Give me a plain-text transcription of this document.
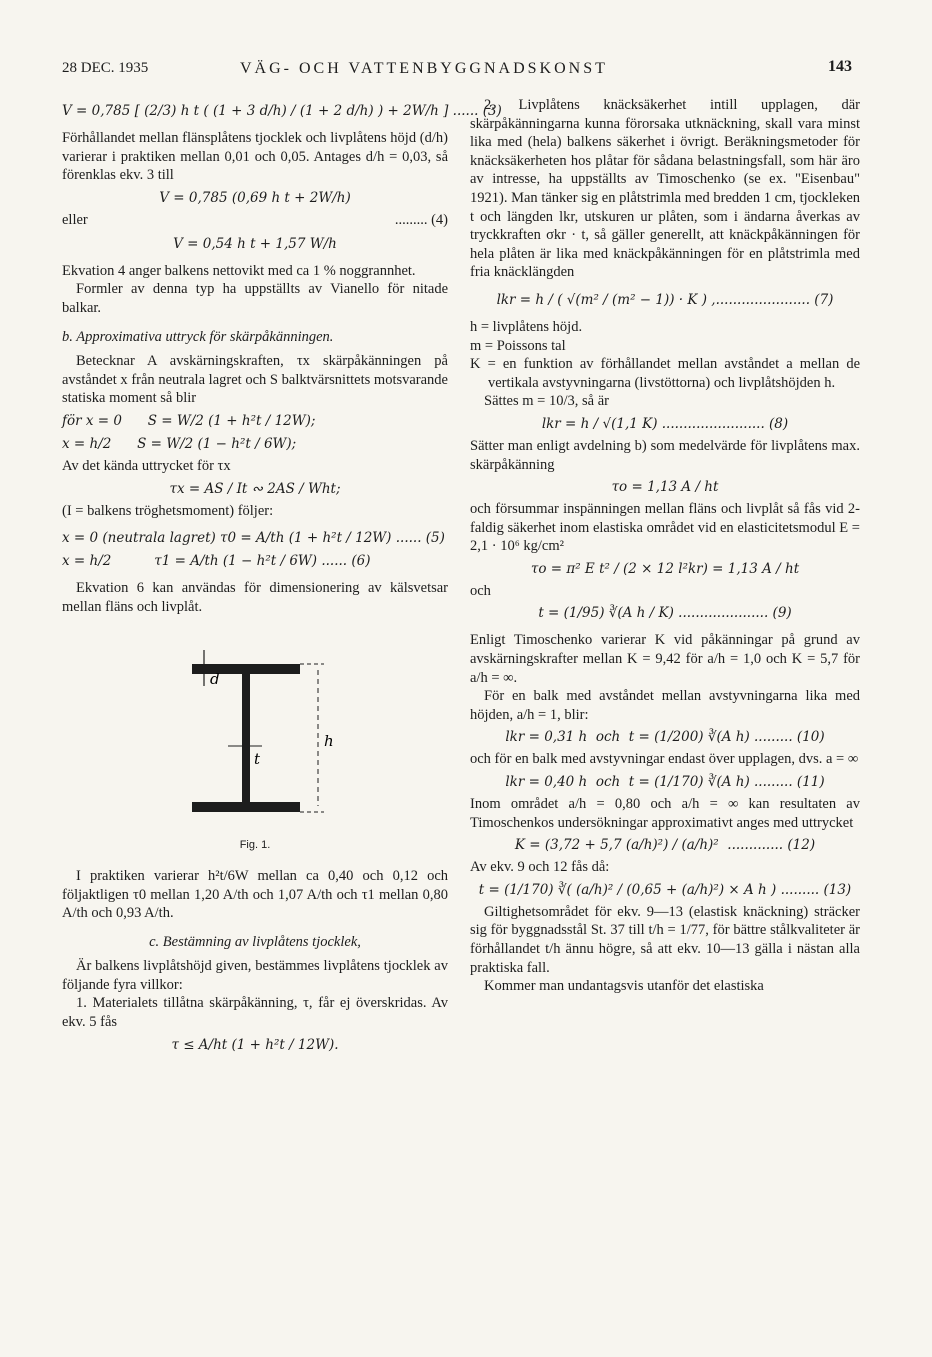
28 DEC. 1935	VÄG- OCH VATTENBYGGNADSKONST	143
V = 0,785 [ (2/3) h t ( (1 + 3 d/h) / (1 + 2 d/h) ) + 2W/h ] ...... (3)

Förhållandet mellan flänsplåtens tjocklek och livplåtens höjd (d/h) varierar i praktiken mellan 0,01 och 0,05. Antages d/h = 0,03, så förenklas ekv. 3 till

V = 0,785 (0,69 h t + 2W/h)
eller	......... (4)
V = 0,54 h t + 1,57 W/h

Ekvation 4 anger balkens nettovikt med ca 1 % noggrannhet.

Formler av denna typ ha uppställts av Vianello för nitade balkar.

b. Approximativa uttryck för skärpåkänningen.

Betecknar A avskärningskraften, τx skärpåkänningen på avståndet x från neutrala lagret och S balktvärsnittets motsvarande statiska moment så blir

för x = 0      S = W/2 (1 + h²t / 12W);
x = h/2      S = W/2 (1 − h²t / 6W);

Av det kända uttrycket för τx

τx = AS / It ∾ 2AS / Wht;

(I = balkens tröghetsmoment) följer:

x = 0 (neutrala lagret) τ0 = A/th (1 + h²t / 12W) ...... (5)
x = h/2          τ1 = A/th (1 − h²t / 6W) ...... (6)

Ekvation 6 kan användas för dimensionering av kälsvetsar mellan fläns och livplåt.

d
t
h
Fig. 1.

I praktiken varierar h²t/6W mellan ca 0,40 och 0,12 och följaktligen τ0 mellan 1,20 A/th och 1,07 A/th och τ1 mellan 0,80 A/th och 0,93 A/th.

c. Bestämning av livplåtens tjocklek,

Är balkens livplåtshöjd given, bestämmes livplåtens tjocklek av följande fyra villkor:

1. Materialets tillåtna skärpåkänning, τ, får ej överskridas. Av ekv. 5 fås

τ ≤ A/ht (1 + h²t / 12W).

2. Livplåtens knäcksäkerhet intill upplagen, där skärpåkänningarna kunna förorsaka utknäckning, skall vara minst lika med (hela) balkens säkerhet i övrigt. Beräkningsmetoder för knäcksäkerheten hos plåtar för sådana belastningsfall, som här äro av intresse, ha uppställts av Timoschenko (se ex. "Eisenbau" 1921). Man tänker sig en plåtstrimla med bredden 1 cm, tjockleken t och längden lkr, utskuren ur plåten, som i ändarna åverkas av tryckkraften σkr · t, så gäller generellt, att knäckpåkänningen för hela plåten är lika med knäckpåkänningen för en plåtstrimla med fria knäcklängden

lkr = h / ( √(m² / (m² − 1)) · K ) ,...................... (7)

h = livplåtens höjd.

m = Poissons tal

K = en funktion av förhållandet mellan avståndet a mellan de vertikala avstyvningarna (livstöttorna) och livplåtshöjden h.

Sättes m = 10/3, så är

lkr = h / √(1,1 K) ........................ (8)

Sätter man enligt avdelning b) som medelvärde för livplåtens max. skärpåkänning

τo = 1,13 A / ht

och försummar inspänningen mellan fläns och livplåt så fås vid 2-faldig säkerhet inom elastiska området vid en elasticitetsmodul E = 2,1 · 10⁶ kg/cm²

τo = π² E t² / (2 × 12 l²kr) = 1,13 A / ht

och

t = (1/95) ∛(A h / K) ..................... (9)

Enligt Timoschenko varierar K vid påkänningar på grund av avskärningskrafter mellan K = 9,42 för a/h = 1,0 och K = 5,7 för a/h = ∞.

För en balk med avståndet mellan avstyvningarna lika med höjden, a/h = 1, blir:

lkr = 0,31 h  och  t = (1/200) ∛(A h) ......... (10)

och för en balk med avstyvningar endast över upplagen, dvs. a = ∞

lkr = 0,40 h  och  t = (1/170) ∛(A h) ......... (11)

Inom området a/h = 0,80 och a/h = ∞ kan resultaten av Timoschenkos undersökningar approximativt anges med uttrycket

K = (3,72 + 5,7 (a/h)²) / (a/h)²  ............. (12)

Av ekv. 9 och 12 fås då:

t = (1/170) ∛( (a/h)² / (0,65 + (a/h)²) × A h ) ......... (13)

Giltighetsområdet för ekv. 9—13 (elastisk knäckning) sträcker sig för byggnadsstål St. 37 till t/h = 1/77, för bättre stålkvaliteter är förhållandet t/h ännu högre, så att ekv. 10—13 gälla i nästan alla praktiska fall.

Kommer man undantagsvis utanför det elastiska
